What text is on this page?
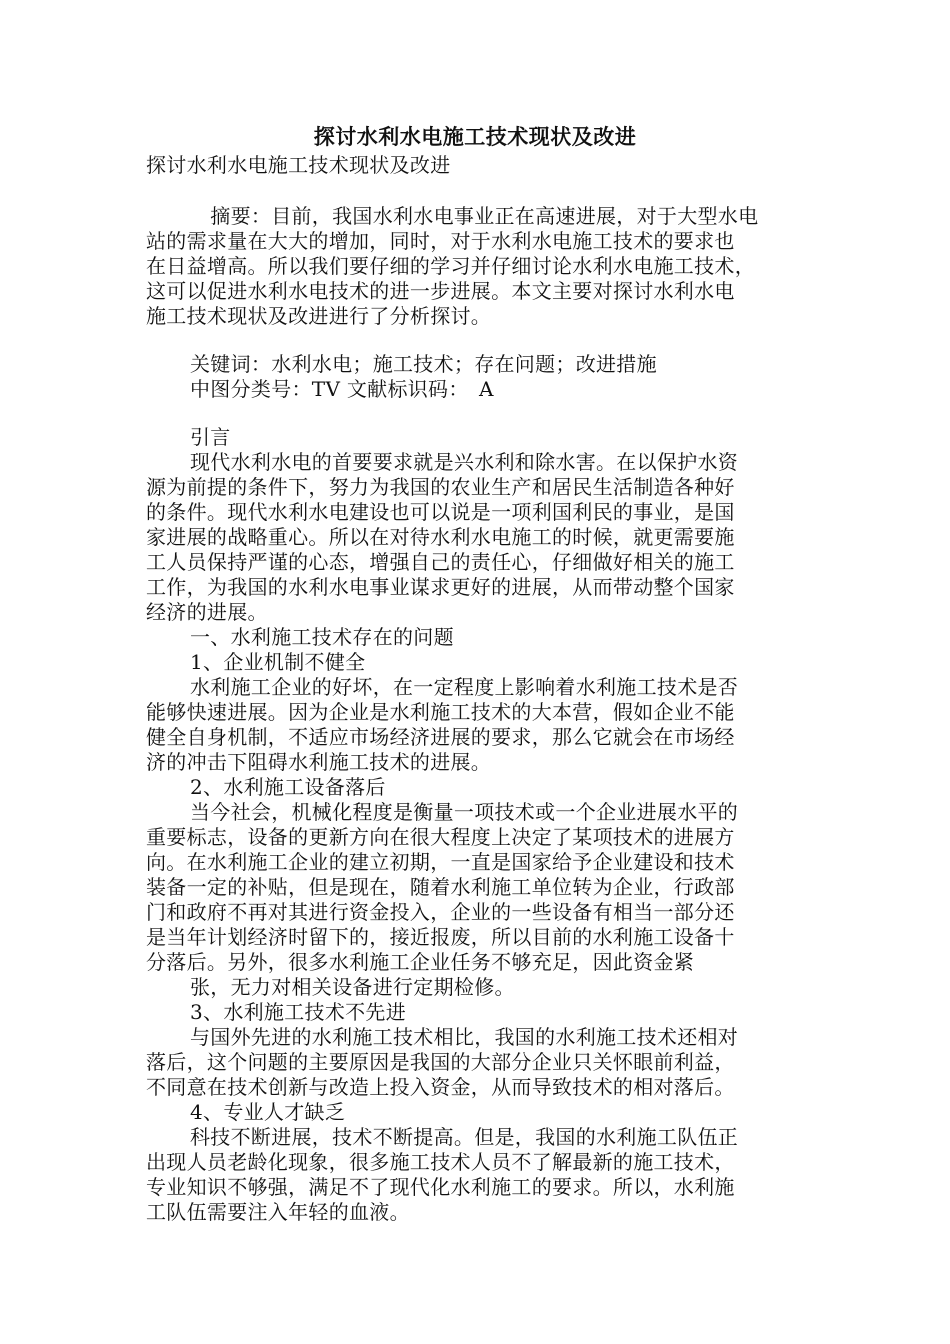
探讨水利水电施工技术现状及改进
探讨水利水电施工技术现状及改进
　摘要：目前，我国水利水电事业正在高速进展，对于大型水电
站的需求量在大大的增加，同时，对于水利水电施工技术的要求也
在日益增高。所以我们要仔细的学习并仔细讨论水利水电施工技术，
这可以促进水利水电技术的进一步进展。本文主要对探讨水利水电
施工技术现状及改进进行了分析探讨。
关键词：水利水电；施工技术；存在问题；改进措施
中图分类号：TV 文献标识码：　A
引言
现代水利水电的首要要求就是兴水利和除水害。在以保护水资
源为前提的条件下，努力为我国的农业生产和居民生活制造各种好
的条件。现代水利水电建设也可以说是一项利国利民的事业，是国
家进展的战略重心。所以在对待水利水电施工的时候，就更需要施
工人员保持严谨的心态，增强自己的责任心，仔细做好相关的施工
工作，为我国的水利水电事业谋求更好的进展，从而带动整个国家
经济的进展。
一、水利施工技术存在的问题
1、企业机制不健全
水利施工企业的好坏，在一定程度上影响着水利施工技术是否
能够快速进展。因为企业是水利施工技术的大本营，假如企业不能
健全自身机制，不适应市场经济进展的要求，那么它就会在市场经
济的冲击下阻碍水利施工技术的进展。
2、水利施工设备落后
当今社会，机械化程度是衡量一项技术或一个企业进展水平的
重要标志，设备的更新方向在很大程度上决定了某项技术的进展方
向。在水利施工企业的建立初期，一直是国家给予企业建设和技术
装备一定的补贴，但是现在，随着水利施工单位转为企业，行政部
门和政府不再对其进行资金投入，企业的一些设备有相当一部分还
是当年计划经济时留下的，接近报废，所以目前的水利施工设备十
分落后。另外，很多水利施工企业任务不够充足，因此资金紧
张，无力对相关设备进行定期检修。
3、水利施工技术不先进
与国外先进的水利施工技术相比，我国的水利施工技术还相对
落后，这个问题的主要原因是我国的大部分企业只关怀眼前利益，
不同意在技术创新与改造上投入资金，从而导致技术的相对落后。
4、专业人才缺乏
科技不断进展，技术不断提高。但是，我国的水利施工队伍正
出现人员老龄化现象，很多施工技术人员不了解最新的施工技术，
专业知识不够强，满足不了现代化水利施工的要求。所以，水利施
工队伍需要注入年轻的血液。
